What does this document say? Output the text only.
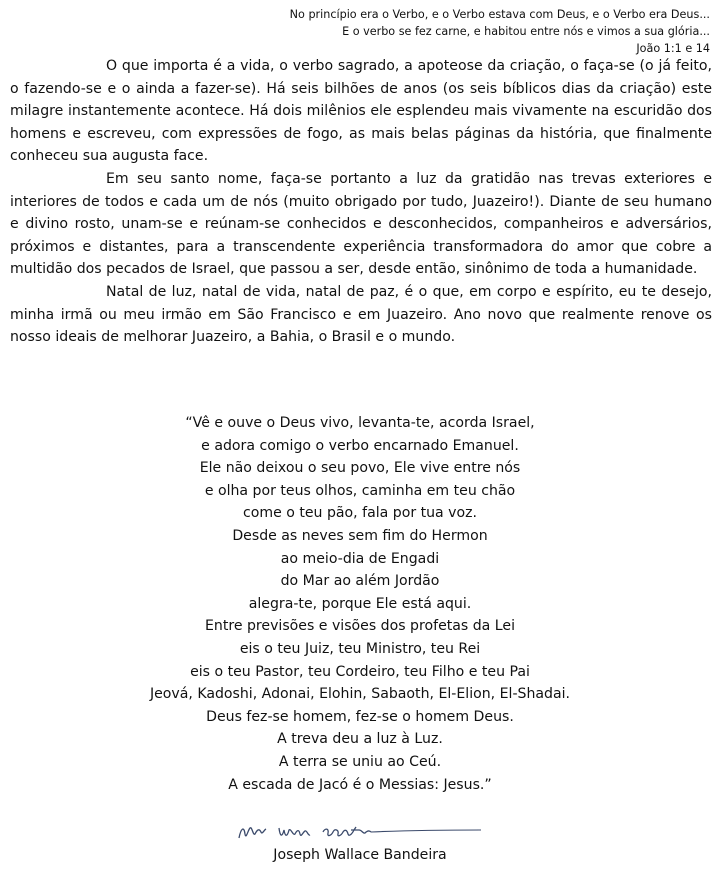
No princípio era o Verbo, e o Verbo estava com Deus, e o Verbo era Deus...
E o verbo se fez carne, e habitou entre nós e vimos a sua glória...
João 1:1 e 14

O que importa é a vida, o verbo sagrado, a apoteose da criação, o faça-se (o já feito, o fazendo-se e o ainda a fazer-se). Há seis bilhões de anos (os seis bíblicos dias da criação) este milagre instantemente acontece. Há dois milênios ele esplendeu mais vivamente na escuridão dos homens e escreveu, com expressões de fogo, as mais belas páginas da história, que finalmente conheceu sua augusta face.

Em seu santo nome, faça-se portanto a luz da gratidão nas trevas exteriores e interiores de todos e cada um de nós (muito obrigado por tudo, Juazeiro!). Diante de seu humano e divino rosto, unam-se e reúnam-se conhecidos e desconhecidos, companheiros e adversários, próximos e distantes, para a transcendente experiência transformadora do amor que cobre a multidão dos pecados de Israel, que passou a ser, desde então, sinônimo de toda a humanidade.

Natal de luz, natal de vida, natal de paz, é o que, em corpo e espírito, eu te desejo, minha irmã ou meu irmão em São Francisco e em Juazeiro. Ano novo que realmente renove os nosso ideais de melhorar Juazeiro, a Bahia, o Brasil e o mundo.

“Vê e ouve o Deus vivo, levanta-te, acorda Israel,
e adora comigo o verbo encarnado Emanuel.
Ele não deixou o seu povo, Ele vive entre nós
e olha por teus olhos, caminha em teu chão
come o teu pão, fala por tua voz.
Desde as neves sem fim do Hermon
ao meio-dia de Engadi
do Mar ao além Jordão
alegra-te, porque Ele está aqui.
Entre previsões e visões dos profetas da Lei
eis o teu Juiz, teu Ministro, teu Rei
eis o teu Pastor, teu Cordeiro, teu Filho e teu Pai
Jeová, Kadoshi, Adonai, Elohin, Sabaoth, El-Elion, El-Shadai.
Deus fez-se homem, fez-se o homem Deus.
A treva deu a luz à Luz.
A terra se uniu ao Ceú.
A escada de Jacó é o Messias: Jesus.”
Joseph Wallace Bandeira
